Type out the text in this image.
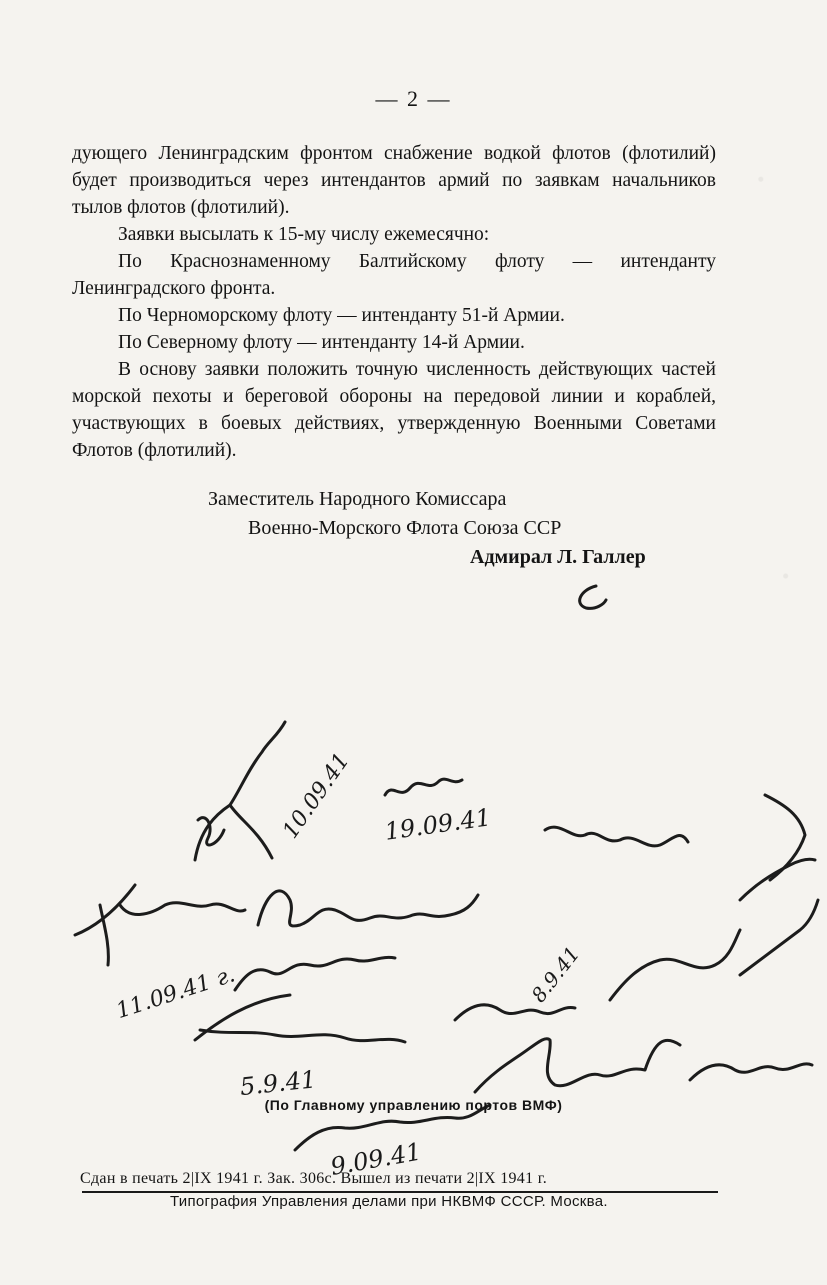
— 2 —

дующего Ленинградским фронтом снабжение водкой флотов (флотилий) будет производиться через интендантов армий по заявкам начальников тылов флотов (флотилий).

Заявки высылать к 15-му числу ежемесячно:

По Краснознаменному Балтийскому флоту — интенданту Ленинградского фронта.

По Черноморскому флоту — интенданту 51-й Армии.

По Северному флоту — интенданту 14-й Армии.

В основу заявки положить точную численность действующих частей морской пехоты и береговой обороны на передовой линии и кораблей, участвующих в боевых действиях, утвержденную Военными Советами Флотов (флотилий).

Заместитель Народного Комиссара
Военно-Морского Флота Союза ССР
Адмирал Л. Галлер
10.09.41 19.09.41
11.09.41 г.	8.9.41
5.9.41
9.09.41
(По Главному управлению портов ВМФ)
Сдан в печать 2|IX 1941 г. Зак. 306с. Вышел из печати 2|IX 1941 г.
Типография Управления делами при НКВМФ СССР. Москва.
